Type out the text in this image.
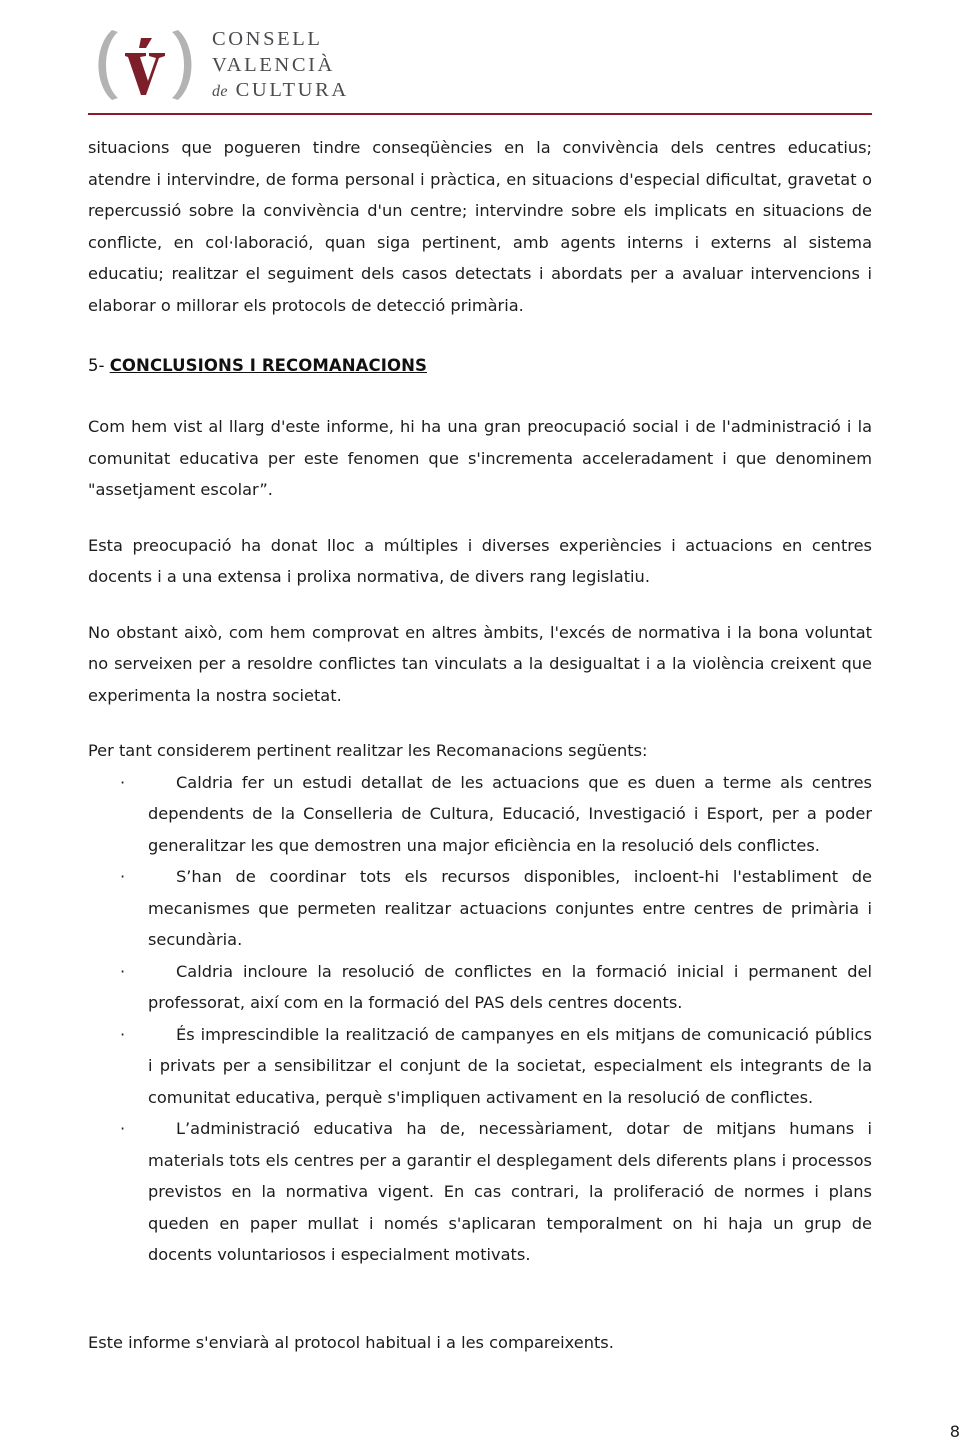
CONSELL
VALENCIÀ
de CULTURA

situacions que pogueren tindre conseqüències en la convivència dels centres educatius; atendre i intervindre, de forma personal i pràctica, en situacions d'especial dificultat, gravetat o repercussió sobre la convivència d'un centre; intervindre sobre els implicats en situacions de conflicte, en col·laboració, quan siga pertinent, amb agents interns i externs al sistema educatiu; realitzar el seguiment dels casos detectats i abordats per a avaluar intervencions i elaborar o millorar els protocols de detecció primària.

5- CONCLUSIONS I RECOMANACIONS

Com hem vist al llarg d'este informe, hi ha una gran preocupació social i de l'administració i la comunitat educativa per este fenomen que s'incrementa acceleradament i que denominem "assetjament escolar”.

Esta preocupació ha donat lloc a múltiples i diverses experiències i actuacions en centres docents i a una extensa i prolixa normativa, de divers rang legislatiu.

No obstant això, com hem comprovat en altres àmbits, l'excés de normativa i la bona voluntat no serveixen per a resoldre conflictes tan vinculats a la desigualtat i a la violència creixent que experimenta la nostra societat.

Per tant considerem pertinent realitzar les Recomanacions següents:

·	Caldria fer un estudi detallat de les actuacions que es duen a terme als centres dependents de la Conselleria de Cultura, Educació, Investigació i Esport, per a poder generalitzar les que demostren una major eficiència en la resolució dels conflictes.
·	S’han de coordinar tots els recursos disponibles, incloent-hi l'establiment de mecanismes que permeten realitzar actuacions conjuntes entre centres de primària i secundària.
·	Caldria incloure la resolució de conflictes en la formació inicial i permanent del professorat, així com en la formació del PAS dels centres docents.
·	És imprescindible la realització de campanyes en els mitjans de comunicació públics i privats per a sensibilitzar el conjunt de la societat, especialment els integrants de la comunitat educativa, perquè s'impliquen activament en la resolució de conflictes.
·	L’administració educativa ha de, necessàriament, dotar de mitjans humans i materials tots els centres per a garantir el desplegament dels diferents plans i processos previstos en la normativa vigent. En cas contrari, la proliferació de normes i plans queden en paper mullat i només s'aplicaran temporalment on hi haja un grup de docents voluntariosos i especialment motivats.

Este informe s'enviarà al protocol habitual i a les compareixents.

8
